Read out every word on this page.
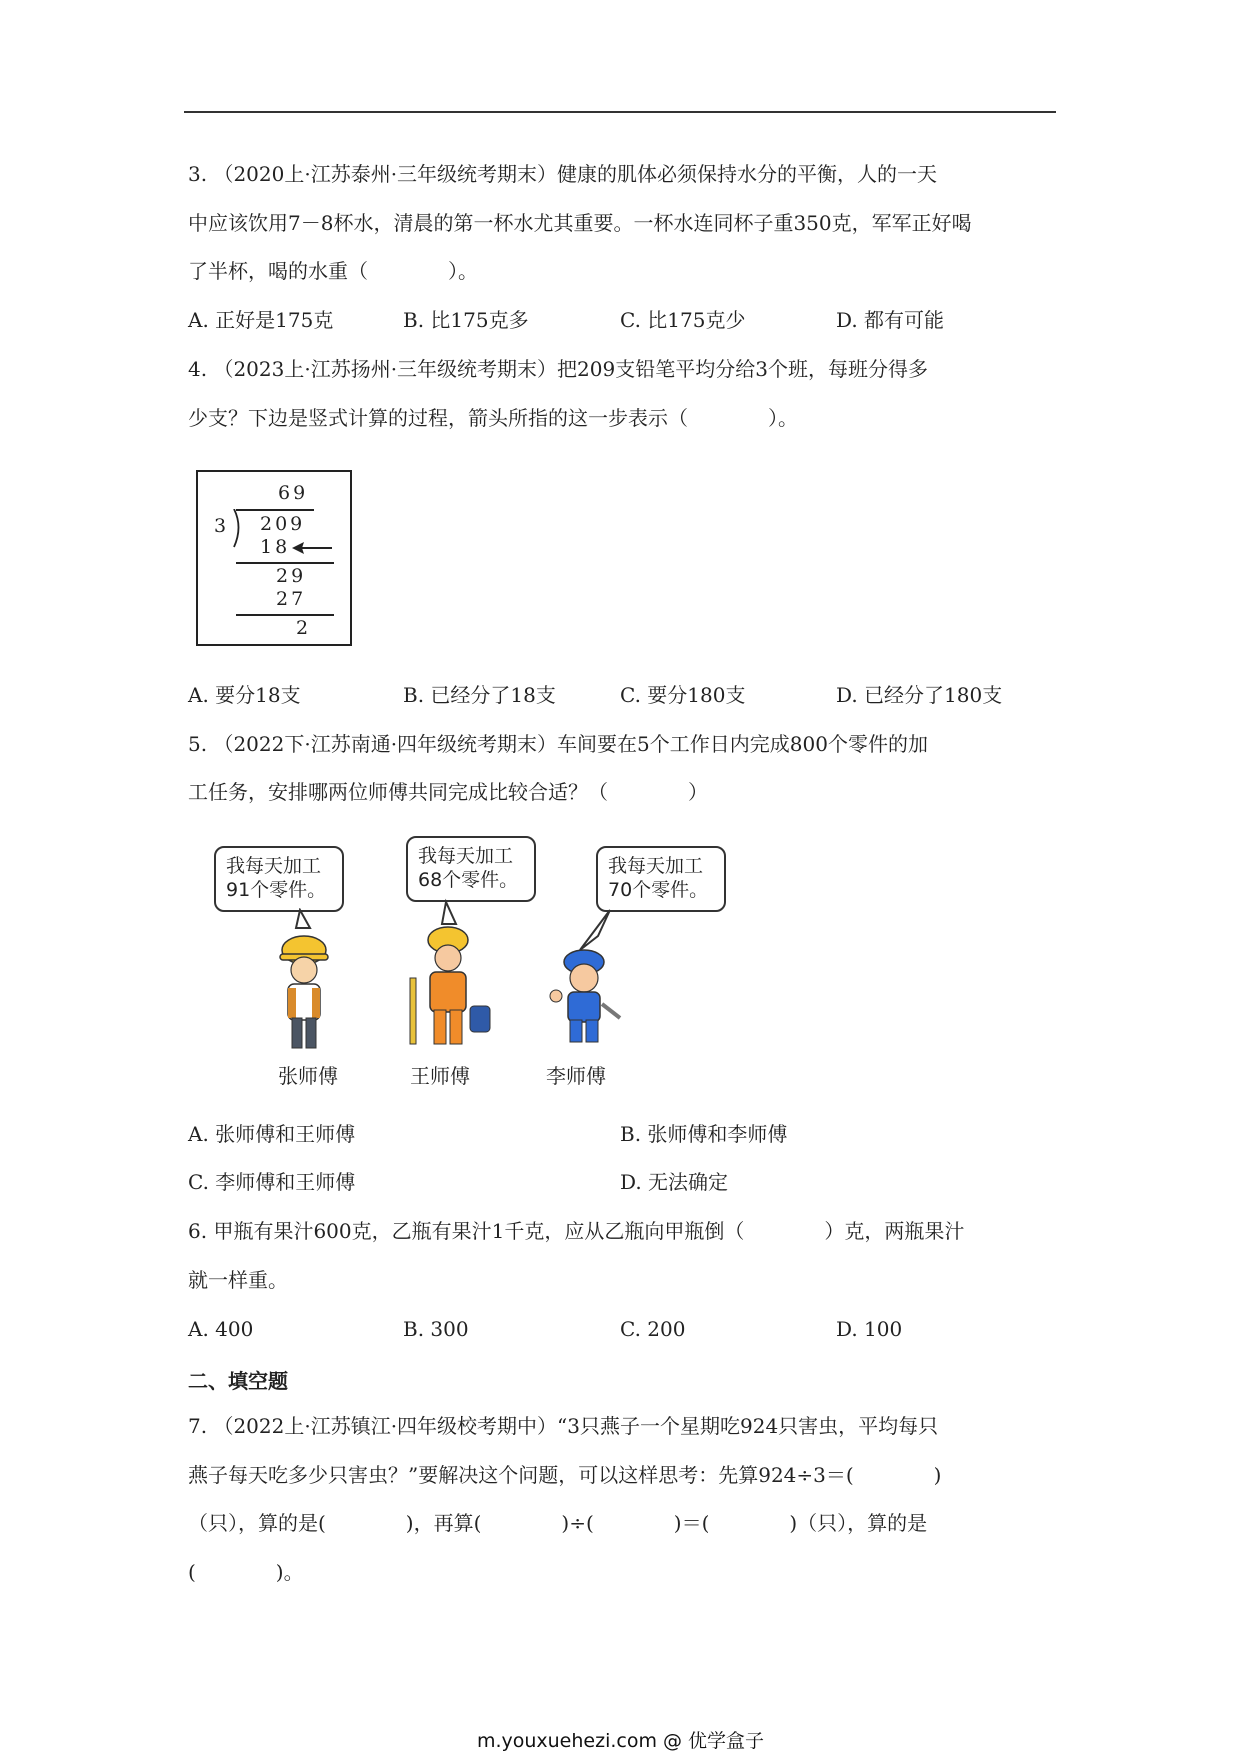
3. （2020上·江苏泰州·三年级统考期末）健康的肌体必须保持水分的平衡，人的一天
中应该饮用7－8杯水，清晨的第一杯水尤其重要。一杯水连同杯子重350克，军军正好喝
了半杯，喝的水重（　　　　）。
A. 正好是175克	B. 比175克多	C. 比175克少	D. 都有可能
4. （2023上·江苏扬州·三年级统考期末）把209支铅笔平均分给3个班，每班分得多
少支？下边是竖式计算的过程，箭头所指的这一步表示（　　　　）。
69
3 209
18
29
27
2
A. 要分18支	B. 已经分了18支	C. 要分180支	D. 已经分了180支
5. （2022下·江苏南通·四年级统考期末）车间要在5个工作日内完成800个零件的加
工任务，安排哪两位师傅共同完成比较合适？（　　　　）
我每天加工
91个零件。
张师傅
我每天加工
68个零件。
王师傅
我每天加工
70个零件。
李师傅
A. 张师傅和王师傅	B. 张师傅和李师傅
C. 李师傅和王师傅	D. 无法确定
6. 甲瓶有果汁600克，乙瓶有果汁1千克，应从乙瓶向甲瓶倒（　　　　）克，两瓶果汁
就一样重。
A. 400	B. 300	C. 200	D. 100
二、填空题
7. （2022上·江苏镇江·四年级校考期中）“3只燕子一个星期吃924只害虫，平均每只
燕子每天吃多少只害虫？”要解决这个问题，可以这样思考：先算924÷3＝(　　　　)
（只），算的是(　　　　)，再算(　　　　)÷(　　　　)＝(　　　　)（只），算的是
(　　　　)。
m.youxuehezi.com @ 优学盒子
